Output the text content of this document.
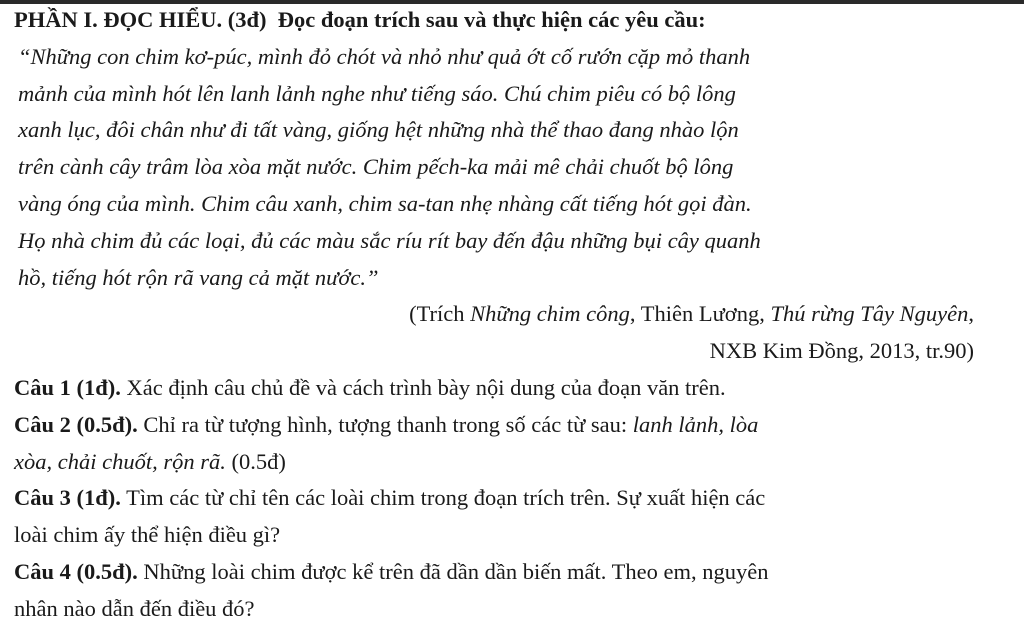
PHẦN I. ĐỌC HIỂU. (3đ) Đọc đoạn trích sau và thực hiện các yêu cầu:
“Những con chim kơ-púc, mình đỏ chót và nhỏ như quả ớt cố rướn cặp mỏ thanh
mảnh của mình hót lên lanh lảnh nghe như tiếng sáo. Chú chim piêu có bộ lông
xanh lục, đôi chân như đi tất vàng, giống hệt những nhà thể thao đang nhào lộn
trên cành cây trâm lòa xòa mặt nước. Chim pếch-ka mải mê chải chuốt bộ lông
vàng óng của mình. Chim câu xanh, chim sa-tan nhẹ nhàng cất tiếng hót gọi đàn.
Họ nhà chim đủ các loại, đủ các màu sắc ríu rít bay đến đậu những bụi cây quanh
hồ, tiếng hót rộn rã vang cả mặt nước.”
(Trích Những chim công, Thiên Lương, Thú rừng Tây Nguyên,
NXB Kim Đồng, 2013, tr.90)
Câu 1 (1đ). Xác định câu chủ đề và cách trình bày nội dung của đoạn văn trên.
Câu 2 (0.5đ). Chỉ ra từ tượng hình, tượng thanh trong số các từ sau: lanh lảnh, lòa
xòa, chải chuốt, rộn rã. (0.5đ)
Câu 3 (1đ). Tìm các từ chỉ tên các loài chim trong đoạn trích trên. Sự xuất hiện các
loài chim ấy thể hiện điều gì?
Câu 4 (0.5đ). Những loài chim được kể trên đã dần dần biến mất. Theo em, nguyên
nhân nào dẫn đến điều đó?
